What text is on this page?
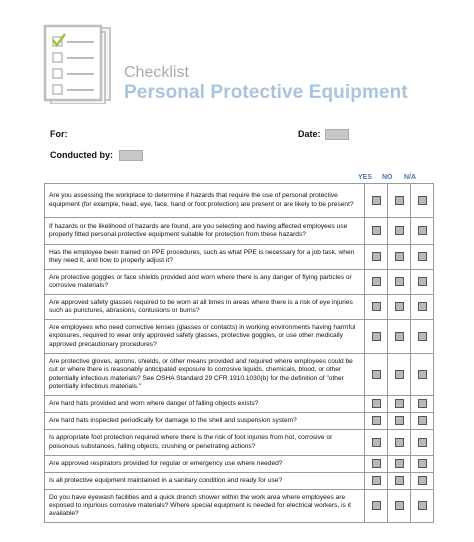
Checklist
Personal Protective Equipment
For:	Date:
Conducted by:
YES NO N/A
Are you assessing the workplace to determine if hazards that require the use of personal protective equipment (for example, head, eye, face, hand or foot protection) are present or are likely to be present?			
If hazards or the likelihood of hazards are found, are you selecting and having affected employees use properly fitted personal protective equipment suitable for protection from these hazards?			
Has the employee been trained on PPE procedures, such as what PPE is necessary for a job task, when they need it, and how to properly adjust it?			
Are protective goggles or face shields provided and worn where there is any danger of flying particles or corrosive materials?			
Are approved safety glasses required to be worn at all times in areas where there is a risk of eye injuries such as punctures, abrasions, contusions or burns?			
Are employees who need corrective lenses (glasses or contacts) in working environments having harmful exposures, required to wear only approved safety glasses, protective goggles, or use other medically approved precautionary procedures?			
Are protective gloves, aprons, shields, or other means provided and required where employees could be cut or where there is reasonably anticipated exposure to corrosive liquids, chemicals, blood, or other potentially infectious materials? See OSHA Standard 29 CFR 1910.1030(b) for the definition of "other potentially infectious materials."			
Are hard hats provided and worn where danger of falling objects exists?			
Are hard hats inspected periodically for damage to the shell and suspension system?			
Is appropriate foot protection required where there is the risk of foot injuries from hot, corrosive or poisonous substances, falling objects, crushing or penetrating actions?			
Are approved respirators provided for regular or emergency use where needed?			
Is all protective equipment maintained in a sanitary condition and ready for use?			
Do you have eyewash facilities and a quick drench shower within the work area where employees are exposed to injurious corrosive materials? Where special equipment is needed for electrical workers, is it available?			
